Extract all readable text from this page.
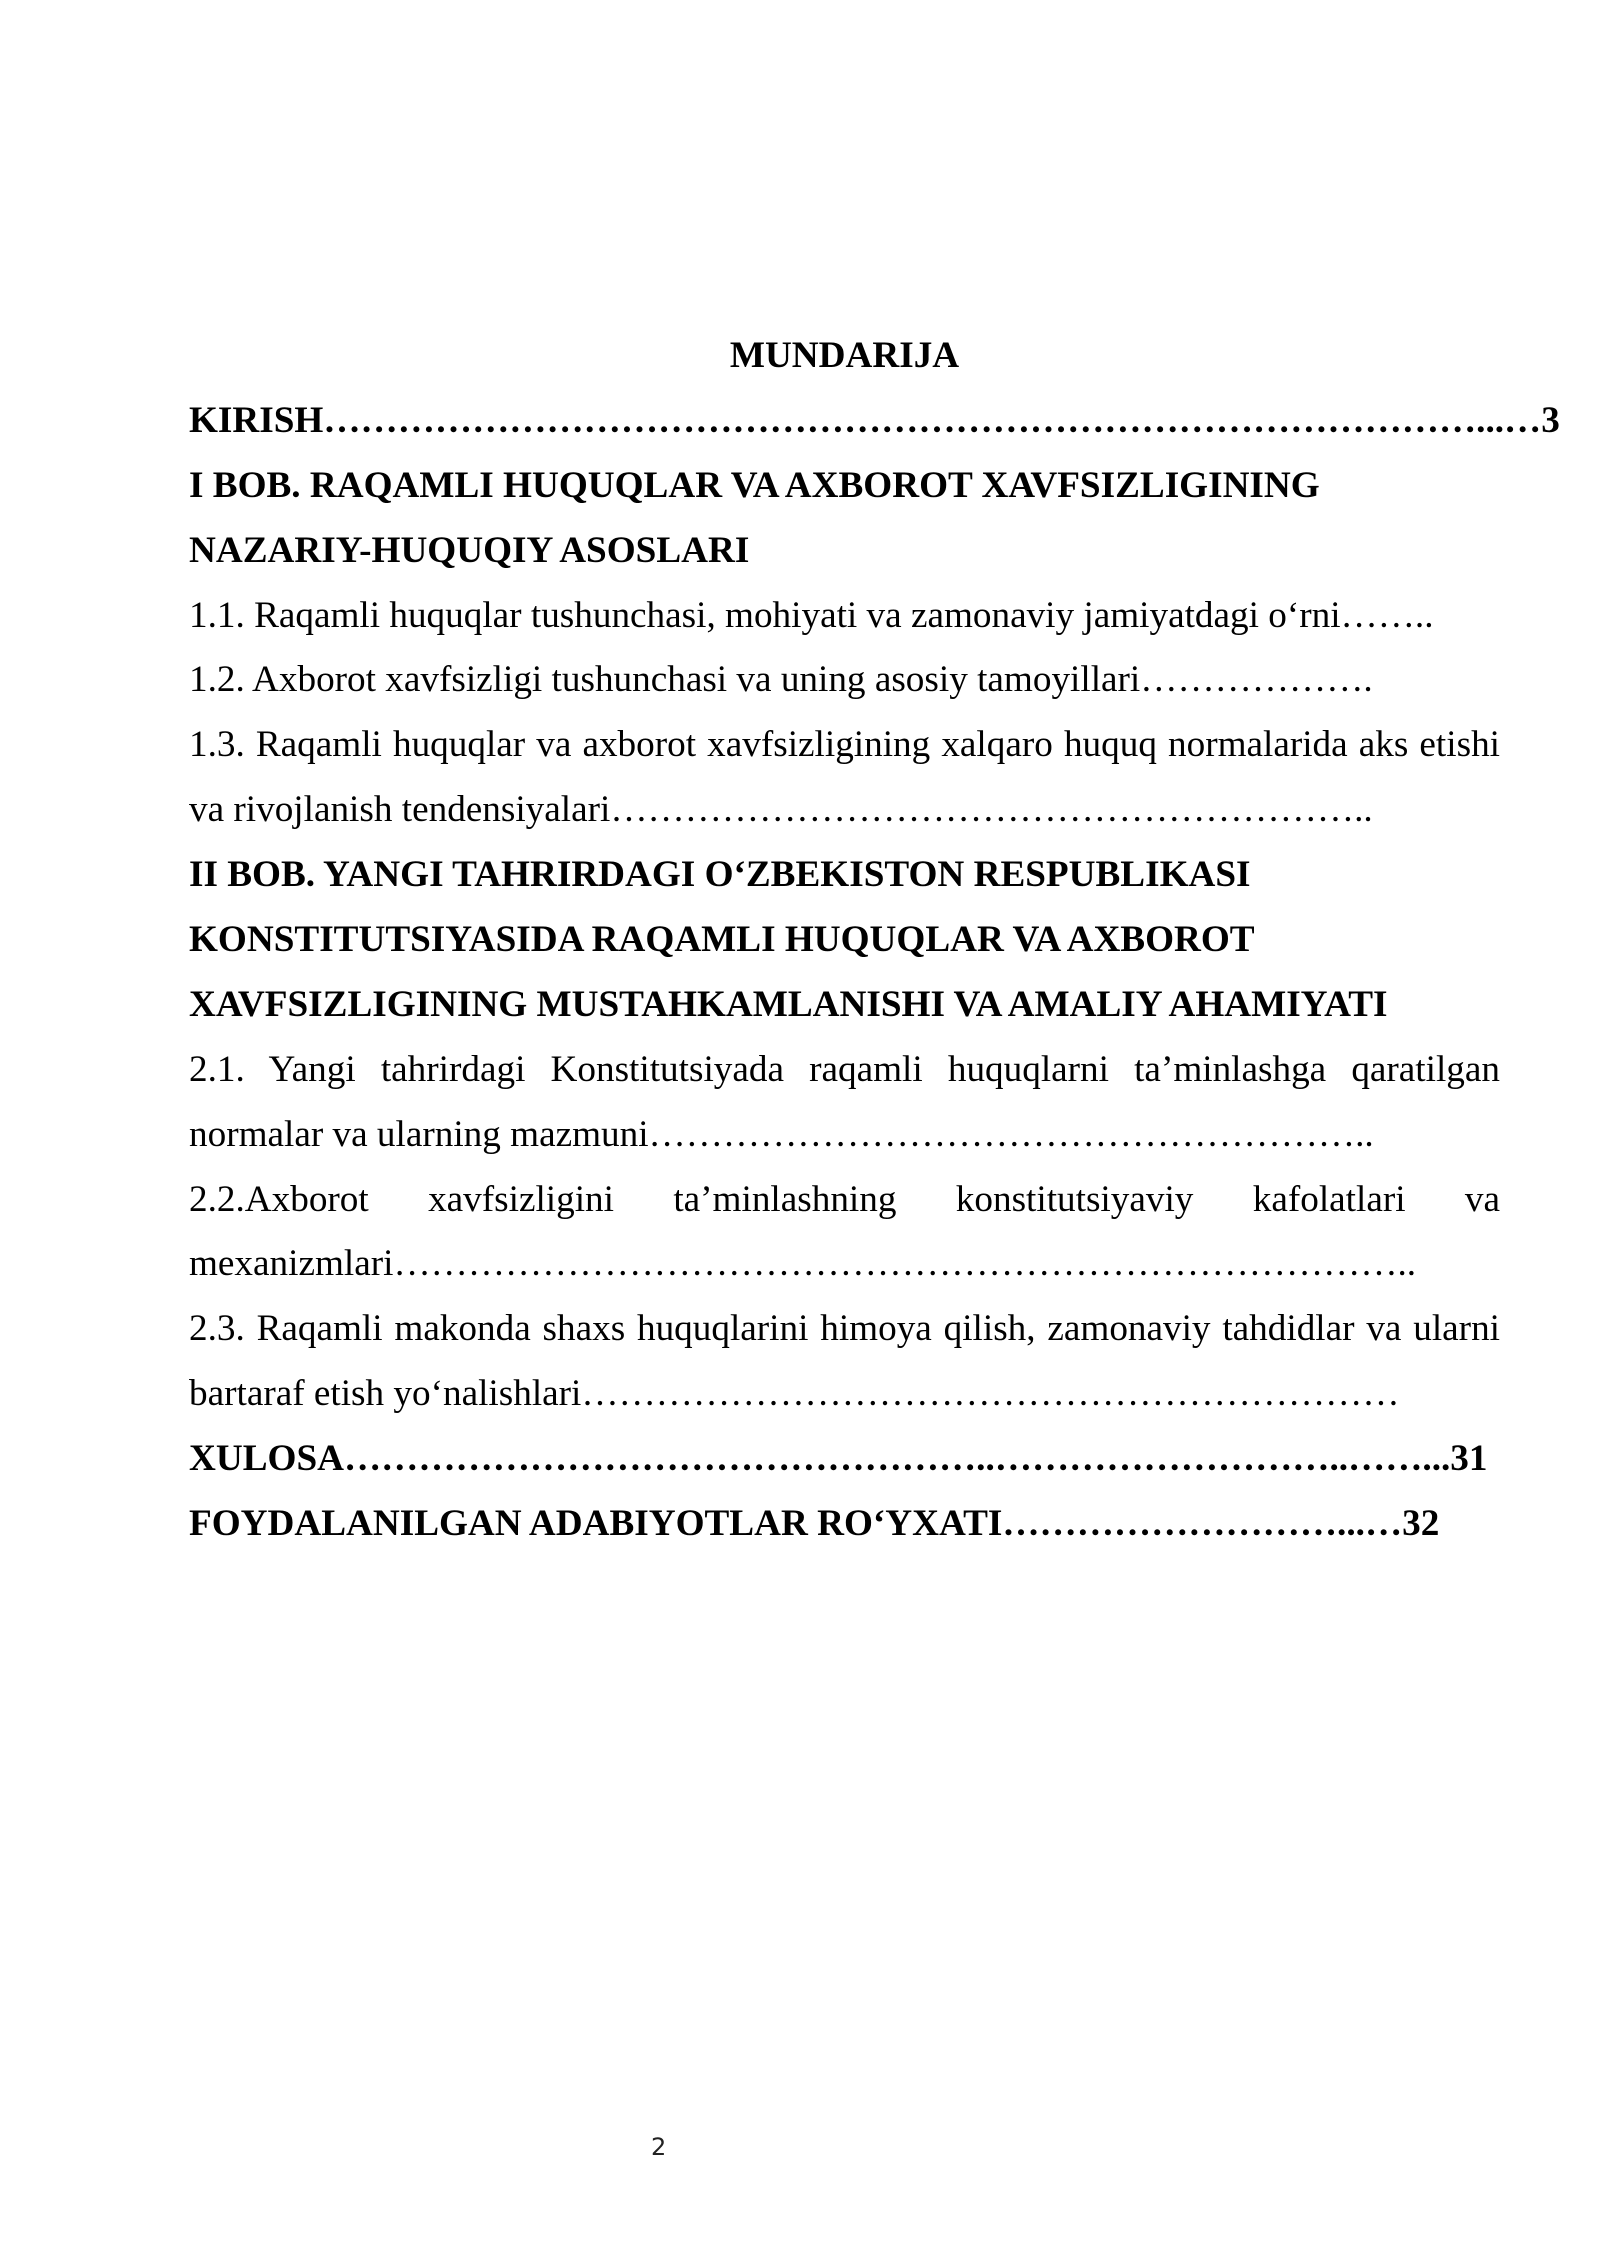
MUNDARIJA
KIRISH…………………………………………………………………………………...…3
I BOB. RAQAMLI HUQUQLAR VA AXBOROT XAVFSIZLIGINING
NAZARIY-HUQUQIY ASOSLARI
1.1. Raqamli huquqlar tushunchasi, mohiyati va zamonaviy jamiyatdagi o‘rni……..
1.2. Axborot xavfsizligi tushunchasi va uning asosiy tamoyillari……………….
1.3. Raqamli huquqlar va axborot xavfsizligining xalqaro huquq normalarida aks etishi
va rivojlanish tendensiyalari……………………………………………………..
II BOB. YANGI TAHRIRDAGI O‘ZBEKISTON RESPUBLIKASI
KONSTITUTSIYASIDA RAQAMLI HUQUQLAR VA AXBOROT
XAVFSIZLIGINING MUSTAHKAMLANISHI VA AMALIY AHAMIYATI
2.1. Yangi tahrirdagi Konstitutsiyada raqamli huquqlarni ta’minlashga qaratilgan
normalar va ularning mazmuni…………………………………………………..
2.2.Axborot xavfsizligini ta’minlashning konstitutsiyaviy kafolatlari va
mexanizmlari………………………………………………………………………..
2.3. Raqamli makonda shaxs huquqlarini himoya qilish, zamonaviy tahdidlar va ularni
bartaraf etish yo‘nalishlari…………………………………………………………
XULOSA……………………………………………..………………………..……...31
FOYDALANILGAN ADABIYOTLAR RO‘YXATI………………………...…32
2
